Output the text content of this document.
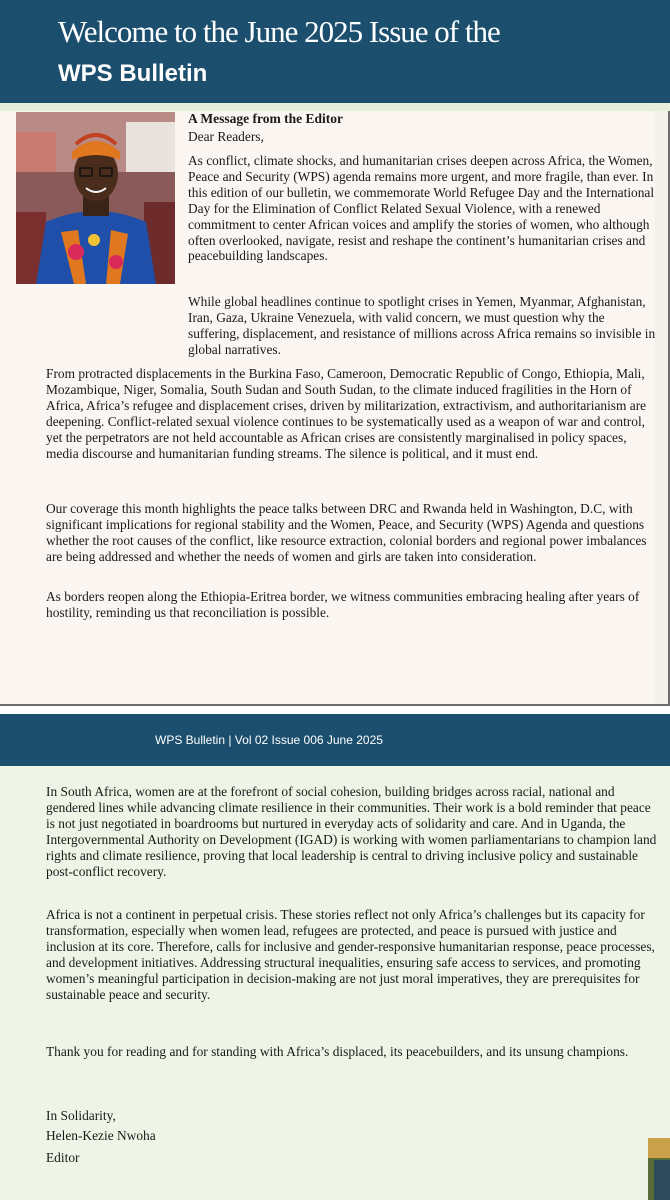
Welcome to the June 2025 Issue of the
WPS Bulletin
A Message from the Editor

Dear Readers,

As conflict, climate shocks, and humanitarian crises deepen across Africa, the Women, Peace and Security (WPS) agenda remains more urgent, and more fragile, than ever. In this edition of our bulletin, we commemorate World Refugee Day and the International Day for the Elimination of Conflict Related Sexual Violence, with a renewed commitment to center African voices and amplify the stories of women, who although often overlooked, navigate, resist and reshape the continent’s humanitarian crises and peacebuilding landscapes.

While global headlines continue to spotlight crises in Yemen, Myanmar, Afghanistan, Iran, Gaza, Ukraine Venezuela, with valid concern, we must question why the suffering, displacement, and resistance of millions across Africa remains so invisible in global narratives.

From protracted displacements in the Burkina Faso, Cameroon, Democratic Republic of Congo, Ethiopia, Mali, Mozambique, Niger, Somalia, South Sudan and South Sudan, to the climate induced fragilities in the Horn of Africa, Africa’s refugee and displacement crises, driven by militarization, extractivism, and authoritarianism are deepening. Conflict-related sexual violence continues to be systematically used as a weapon of war and control, yet the perpetrators are not held accountable as African crises are consistently marginalised in policy spaces, media discourse and humanitarian funding streams. The silence is political, and it must end.

Our coverage this month highlights the peace talks between DRC and Rwanda held in Washington, D.C, with significant implications for regional stability and the Women, Peace, and Security (WPS) Agenda and questions whether the root causes of the conflict, like resource extraction, colonial borders and regional power imbalances are being addressed and whether the needs of women and girls are taken into consideration.

As borders reopen along the Ethiopia-Eritrea border, we witness communities embracing healing after years of hostility, reminding us that reconciliation is possible.

WPS Bulletin | Vol 02 Issue 006 June 2025

In South Africa, women are at the forefront of social cohesion, building bridges across racial, national and gendered lines while advancing climate resilience in their communities. Their work is a bold reminder that peace is not just negotiated in boardrooms but nurtured in everyday acts of solidarity and care. And in Uganda, the Intergovernmental Authority on Development (IGAD) is working with women parliamentarians to champion land rights and climate resilience, proving that local leadership is central to driving inclusive policy and sustainable post-conflict recovery.

Africa is not a continent in perpetual crisis. These stories reflect not only Africa’s challenges but its capacity for transformation, especially when women lead, refugees are protected, and peace is pursued with justice and inclusion at its core. Therefore, calls for inclusive and gender-responsive humanitarian response, peace processes, and development initiatives. Addressing structural inequalities, ensuring safe access to services, and promoting women’s meaningful participation in decision-making are not just moral imperatives, they are prerequisites for sustainable peace and security.

Thank you for reading and for standing with Africa’s displaced, its peacebuilders, and its unsung champions.

In Solidarity,

Helen-Kezie Nwoha

Editor
